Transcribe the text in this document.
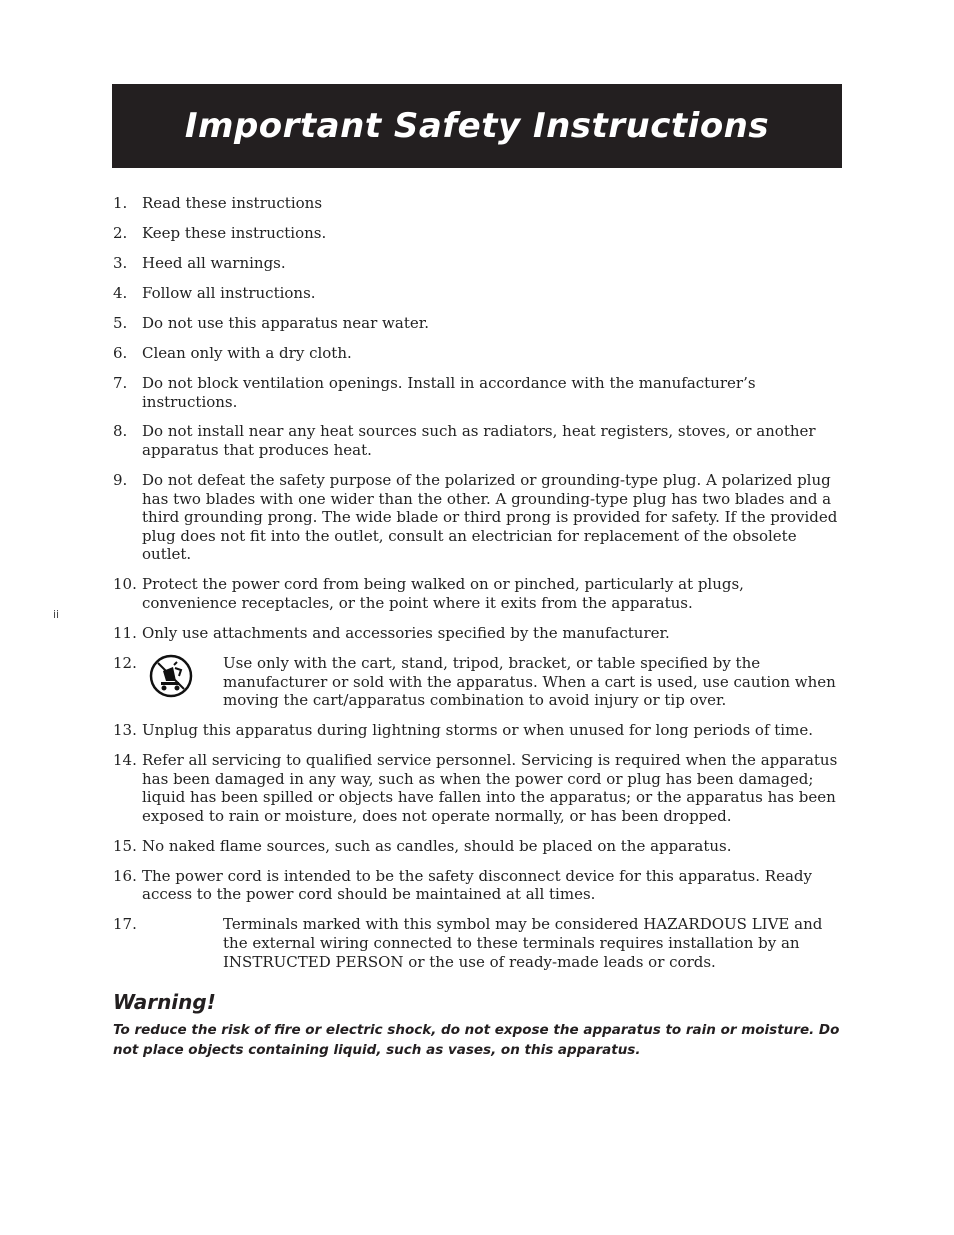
Important Safety Instructions
ii
1. Read these instructions
2. Keep these instructions.
3. Heed all warnings.
4. Follow all instructions.
5. Do not use this apparatus near water.
6. Clean only with a dry cloth.
7. Do not block ventilation openings. Install in accordance with the manufacturer’s instructions.
8. Do not install near any heat sources such as radiators, heat registers, stoves, or another apparatus that produces heat.
9. Do not defeat the safety purpose of the polarized or grounding-type plug. A polarized plug has two blades with one wider than the other. A grounding-type plug has two blades and a third grounding prong. The wide blade or third prong is provided for safety. If the provided plug does not fit into the outlet, consult an electrician for replacement of the obsolete outlet.
10. Protect the power cord from being walked on or pinched, particularly at plugs, convenience receptacles, or the point where it exits from the apparatus.
11. Only use attachments and accessories specified by the manufacturer.
12.	Use only with the cart, stand, tripod, bracket, or table specified by the manufacturer or sold with the apparatus. When a cart is used, use caution when moving the cart/apparatus combination to avoid injury or tip over.
13. Unplug this apparatus during lightning storms or when unused for long periods of time.
14. Refer all servicing to qualified service personnel. Servicing is required when the apparatus has been damaged in any way, such as when the power cord or plug has been damaged; liquid has been spilled or objects have fallen into the apparatus; or the apparatus has been exposed to rain or moisture, does not operate normally, or has been dropped.
15. No naked flame sources, such as candles, should be placed on the apparatus.
16. The power cord is intended to be the safety disconnect device for this apparatus. Ready access to the power cord should be maintained at all times.
17.	Terminals marked with this symbol may be considered HAZARDOUS LIVE and the external wiring connected to these terminals requires installation by an INSTRUCTED PERSON or the use of ready-made leads or cords.
Warning!

To reduce the risk of fire or electric shock, do not expose the apparatus to rain or moisture. Do not place objects containing liquid, such as vases, on this apparatus.
